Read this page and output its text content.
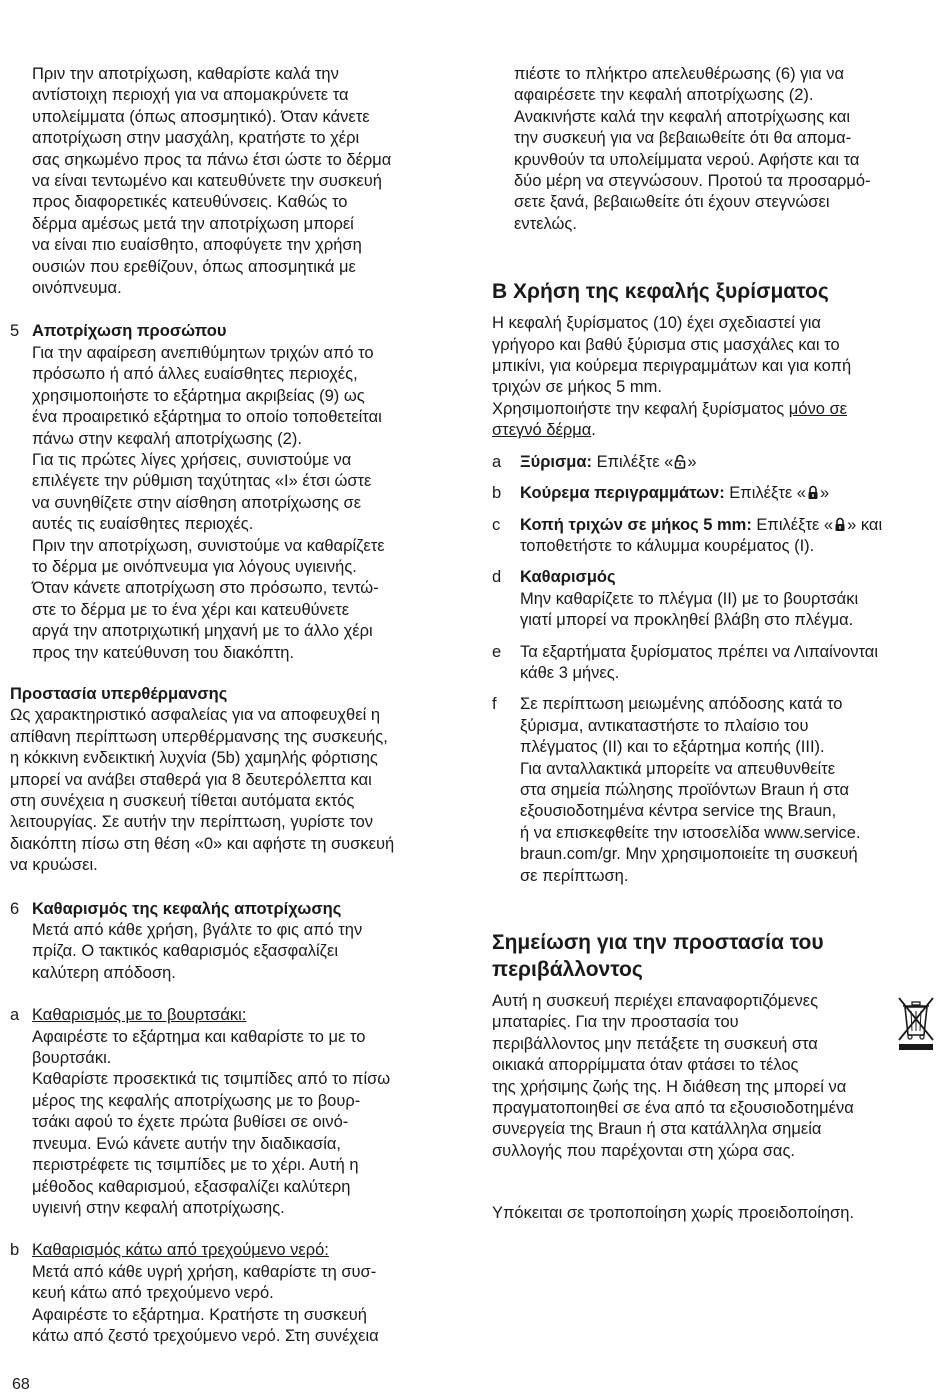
Πριν την αποτρίχωση, καθαρίστε καλά την
αντίστοιχη περιοχή για να απομακρύνετε τα
υπολείμματα (όπως αποσμητικό). Όταν κάνετε
αποτρίχωση στην μασχάλη, κρατήστε το χέρι
σας σηκωμένο προς τα πάνω έτσι ώστε το δέρμα
να είναι τεντωμένο και κατευθύνετε την συσκευή
προς διαφορετικές κατευθύνσεις. Καθώς το
δέρμα αμέσως μετά την αποτρίχωση μπορεί
να είναι πιο ευαίσθητο, αποφύγετε την χρήση
ουσιών που ερεθίζουν, όπως αποσμητικά με
οινόπνευμα.
5 Αποτρίχωση προσώπου
Για την αφαίρεση ανεπιθύμητων τριχών από το
πρόσωπο ή από άλλες ευαίσθητες περιοχές,
χρησιμοποιήστε το εξάρτημα ακριβείας (9) ως
ένα προαιρετικό εξάρτημα το οποίο τοποθετείται
πάνω στην κεφαλή αποτρίχωσης (2).
Για τις πρώτες λίγες χρήσεις, συνιστούμε να
επιλέγετε την ρύθμιση ταχύτητας «I» έτσι ώστε
να συνηθίζετε στην αίσθηση αποτρίχωσης σε
αυτές τις ευαίσθητες περιοχές.
Πριν την αποτρίχωση, συνιστούμε να καθαρίζετε
το δέρμα με οινόπνευμα για λόγους υγιεινής.
Όταν κάνετε αποτρίχωση στο πρόσωπο, τεντώ-
στε το δέρμα με το ένα χέρι και κατευθύνετε
αργά την αποτριχωτική μηχανή με το άλλο χέρι
προς την κατεύθυνση του διακόπτη.
Προστασία υπερθέρμανσης
Ως χαρακτηριστικό ασφαλείας για να αποφευχθεί η
απίθανη περίπτωση υπερθέρμανσης της συσκευής,
η κόκκινη ενδεικτική λυχνία (5b) χαμηλής φόρτισης
μπορεί να ανάβει σταθερά για 8 δευτερόλεπτα και
στη συνέχεια η συσκευή τίθεται αυτόματα εκτός
λειτουργίας. Σε αυτήν την περίπτωση, γυρίστε τον
διακόπτη πίσω στη θέση «0» και αφήστε τη συσκευή
να κρυώσει.
6 Καθαρισμός της κεφαλής αποτρίχωσης
Μετά από κάθε χρήση, βγάλτε το φις από την
πρίζα. Ο τακτικός καθαρισμός εξασφαλίζει
καλύτερη απόδοση.
a Καθαρισμός με το βουρτσάκι:
Αφαιρέστε το εξάρτημα και καθαρίστε το με το
βουρτσάκι.
Καθαρίστε προσεκτικά τις τσιμπίδες από το πίσω
μέρος της κεφαλής αποτρίχωσης με το βουρ-
τσάκι αφού το έχετε πρώτα βυθίσει σε οινό-
πνευμα. Ενώ κάνετε αυτήν την διαδικασία,
περιστρέφετε τις τσιμπίδες με το χέρι. Αυτή η
μέθοδος καθαρισμού, εξασφαλίζει καλύτερη
υγιεινή στην κεφαλή αποτρίχωσης.
b Καθαρισμός κάτω από τρεχούμενο νερό:
Μετά από κάθε υγρή χρήση, καθαρίστε τη συσ-
κευή κάτω από τρεχούμενο νερό.
Αφαιρέστε το εξάρτημα. Κρατήστε τη συσκευή
κάτω από ζεστό τρεχούμενο νερό. Στη συνέχεια
πιέστε το πλήκτρο απελευθέρωσης (6) για να
αφαιρέσετε την κεφαλή αποτρίχωσης (2).
Ανακινήστε καλά την κεφαλή αποτρίχωσης και
την συσκευή για να βεβαιωθείτε ότι θα απομα-
κρυνθούν τα υπολείμματα νερού. Αφήστε και τα
δύο μέρη να στεγνώσουν. Προτού τα προσαρμό-
σετε ξανά, βεβαιωθείτε ότι έχουν στεγνώσει
εντελώς.
B Χρήση της κεφαλής ξυρίσματος
Η κεφαλή ξυρίσματος (10) έχει σχεδιαστεί για
γρήγορο και βαθύ ξύρισμα στις μασχάλες και το
μπικίνι, για κούρεμα περιγραμμάτων και για κοπή
τριχών σε μήκος 5 mm.
Χρησιμοποιήστε την κεφαλή ξυρίσματος μόνο σε
στεγνό δέρμα.
a Ξύρισμα: Επιλέξτε « »
b Κούρεμα περιγραμμάτων: Επιλέξτε « »
c Κοπή τριχών σε μήκος 5 mm: Επιλέξτε « » και
τοποθετήστε το κάλυμμα κουρέματος (I).
d Καθαρισμός
Μην καθαρίζετε το πλέγμα (II) με το βουρτσάκι
γιατί μπορεί να προκληθεί βλάβη στο πλέγμα.
e Τα εξαρτήματα ξυρίσματος πρέπει να Λιπαίνονται
κάθε 3 μήνες.
f Σε περίπτωση μειωμένης απόδοσης κατά το
ξύρισμα, αντικαταστήστε το πλαίσιο του
πλέγματος (II) και το εξάρτημα κοπής (III).
Για ανταλλακτικά μπορείτε να απευθυνθείτε
στα σημεία πώλησης προϊόντων Braun ή στα
εξουσιοδοτημένα κέντρα service της Braun,
ή να επισκεφθείτε την ιστοσελίδα www.service.
braun.com/gr. Μην χρησιμοποιείτε τη συσκευή
σε περίπτωση.
Σημείωση για την προστασία του
περιβάλλοντος
Αυτή η συσκευή περιέχει επαναφορτιζόμενες
μπαταρίες. Για την προστασία του
περιβάλλοντος μην πετάξετε τη συσκευή στα
οικιακά απορρίμματα όταν φτάσει το τέλος
της χρήσιμης ζωής της. Η διάθεση της μπορεί να
πραγματοποιηθεί σε ένα από τα εξουσιοδοτημένα
συνεργεία της Braun ή στα κατάλληλα σημεία
συλλογής που παρέχονται στη χώρα σας.
Υπόκειται σε τροποποίηση χωρίς προειδοποίηση.
68
